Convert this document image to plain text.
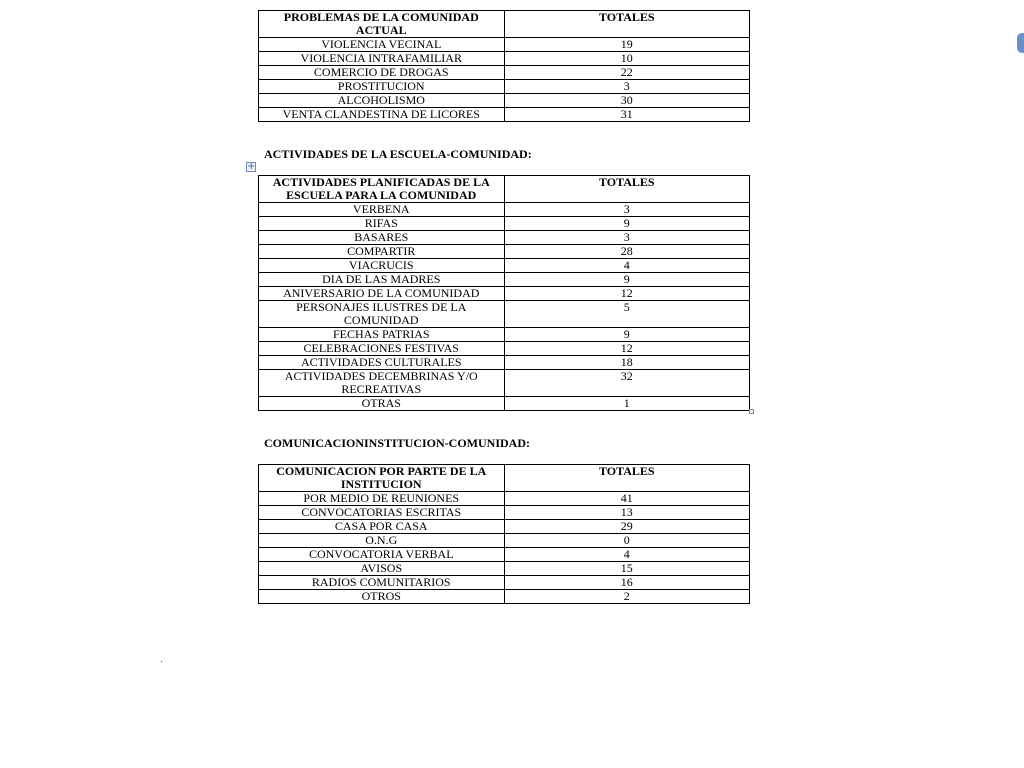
PROBLEMAS DE LA COMUNIDAD ACTUAL	TOTALES
VIOLENCIA VECINAL	19
VIOLENCIA INTRAFAMILIAR	10
COMERCIO DE DROGAS	22
PROSTITUCION	3
ALCOHOLISMO	30
VENTA CLANDESTINA DE LICORES	31
ACTIVIDADES DE LA ESCUELA-COMUNIDAD:
+
ACTIVIDADES PLANIFICADAS DE LA ESCUELA PARA LA COMUNIDAD	TOTALES
VERBENA	3
RIFAS	9
BASARES	3
COMPARTIR	28
VIACRUCIS	4
DIA DE LAS MADRES	9
ANIVERSARIO DE LA COMUNIDAD	12
PERSONAJES ILUSTRES DE LA COMUNIDAD	5
FECHAS PATRIAS	9
CELEBRACIONES FESTIVAS	12
ACTIVIDADES CULTURALES	18
ACTIVIDADES DECEMBRINAS Y/O RECREATIVAS	32
OTRAS	1
COMUNICACIONINSTITUCION-COMUNIDAD:
COMUNICACION POR PARTE DE LA INSTITUCION	TOTALES
POR MEDIO DE REUNIONES	41
CONVOCATORIAS ESCRITAS	13
CASA POR CASA	29
O.N.G	0
CONVOCATORIA VERBAL	4
AVISOS	15
RADIOS COMUNITARIOS	16
OTROS	2
